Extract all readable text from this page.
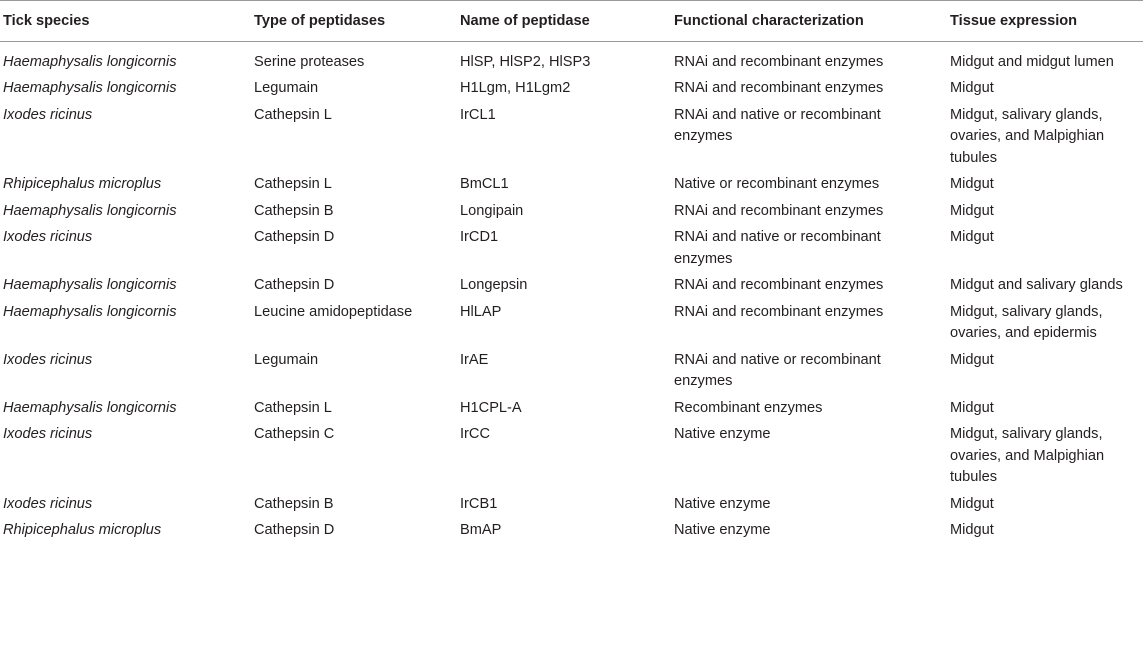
Tick species	Type of peptidases	Name of peptidase	Functional characterization	Tissue expression
Haemaphysalis longicornis	Serine proteases	HlSP, HlSP2, HlSP3	RNAi and recombinant enzymes	Midgut and midgut lumen
Haemaphysalis longicornis	Legumain	H1Lgm, H1Lgm2	RNAi and recombinant enzymes	Midgut
Ixodes ricinus	Cathepsin L	IrCL1	RNAi and native or recombinant enzymes	Midgut, salivary glands, ovaries, and Malpighian tubules
Rhipicephalus microplus	Cathepsin L	BmCL1	Native or recombinant enzymes	Midgut
Haemaphysalis longicornis	Cathepsin B	Longipain	RNAi and recombinant enzymes	Midgut
Ixodes ricinus	Cathepsin D	IrCD1	RNAi and native or recombinant enzymes	Midgut
Haemaphysalis longicornis	Cathepsin D	Longepsin	RNAi and recombinant enzymes	Midgut and salivary glands
Haemaphysalis longicornis	Leucine amidopeptidase	HlLAP	RNAi and recombinant enzymes	Midgut, salivary glands, ovaries, and epidermis
Ixodes ricinus	Legumain	IrAE	RNAi and native or recombinant enzymes	Midgut
Haemaphysalis longicornis	Cathepsin L	H1CPL-A	Recombinant enzymes	Midgut
Ixodes ricinus	Cathepsin C	IrCC	Native enzyme	Midgut, salivary glands, ovaries, and Malpighian tubules
Ixodes ricinus	Cathepsin B	IrCB1	Native enzyme	Midgut
Rhipicephalus microplus	Cathepsin D	BmAP	Native enzyme	Midgut
